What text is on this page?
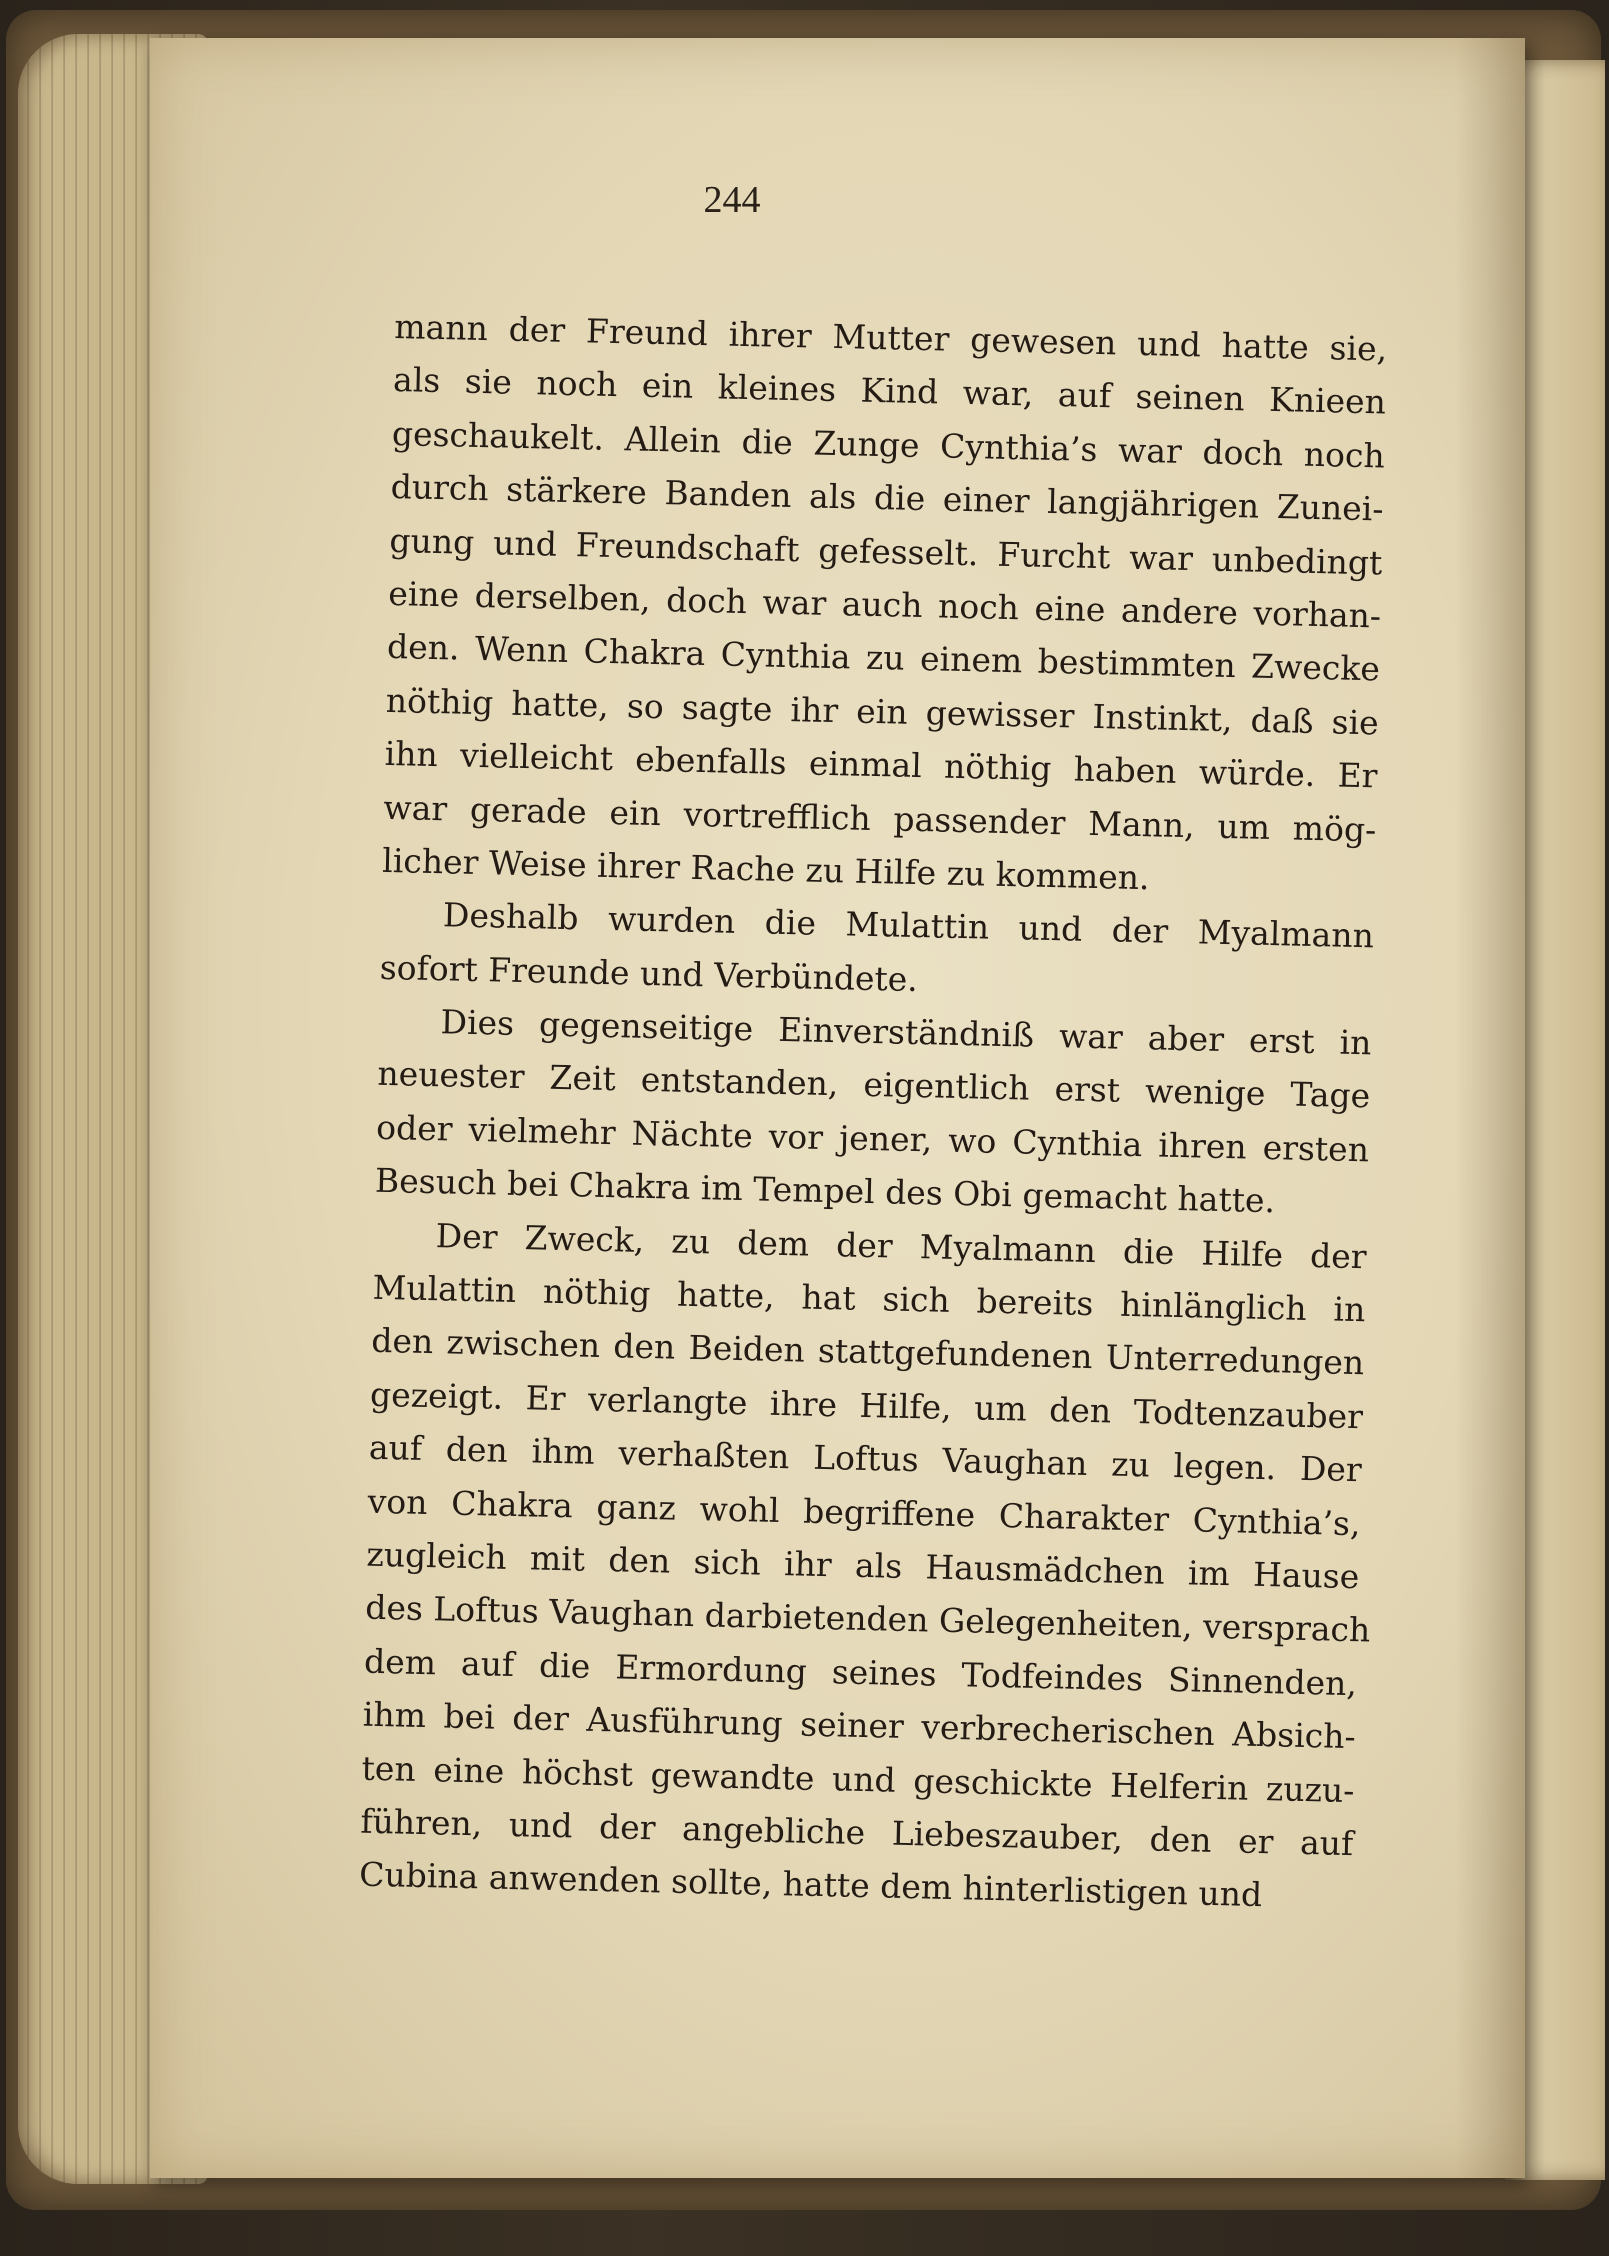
244
mann der Freund ihrer Mutter gewesen und hatte sie,
als sie noch ein kleines Kind war, auf seinen Knieen
geschaukelt. Allein die Zunge Cynthia’s war doch noch
durch stärkere Banden als die einer langjährigen Zunei-
gung und Freundschaft gefesselt. Furcht war unbedingt
eine derselben, doch war auch noch eine andere vorhan-
den. Wenn Chakra Cynthia zu einem bestimmten Zwecke
nöthig hatte, so sagte ihr ein gewisser Instinkt, daß sie
ihn vielleicht ebenfalls einmal nöthig haben würde. Er
war gerade ein vortrefflich passender Mann, um mög-
licher Weise ihrer Rache zu Hilfe zu kommen.
Deshalb wurden die Mulattin und der Myalmann
sofort Freunde und Verbündete.
Dies gegenseitige Einverständniß war aber erst in
neuester Zeit entstanden, eigentlich erst wenige Tage
oder vielmehr Nächte vor jener, wo Cynthia ihren ersten
Besuch bei Chakra im Tempel des Obi gemacht hatte.
Der Zweck, zu dem der Myalmann die Hilfe der
Mulattin nöthig hatte, hat sich bereits hinlänglich in
den zwischen den Beiden stattgefundenen Unterredungen
gezeigt. Er verlangte ihre Hilfe, um den Todtenzauber
auf den ihm verhaßten Loftus Vaughan zu legen. Der
von Chakra ganz wohl begriffene Charakter Cynthia’s,
zugleich mit den sich ihr als Hausmädchen im Hause
des Loftus Vaughan darbietenden Gelegenheiten, versprach
dem auf die Ermordung seines Todfeindes Sinnenden,
ihm bei der Ausführung seiner verbrecherischen Absich-
ten eine höchst gewandte und geschickte Helferin zuzu-
führen, und der angebliche Liebeszauber, den er auf
Cubina anwenden sollte, hatte dem hinterlistigen und
